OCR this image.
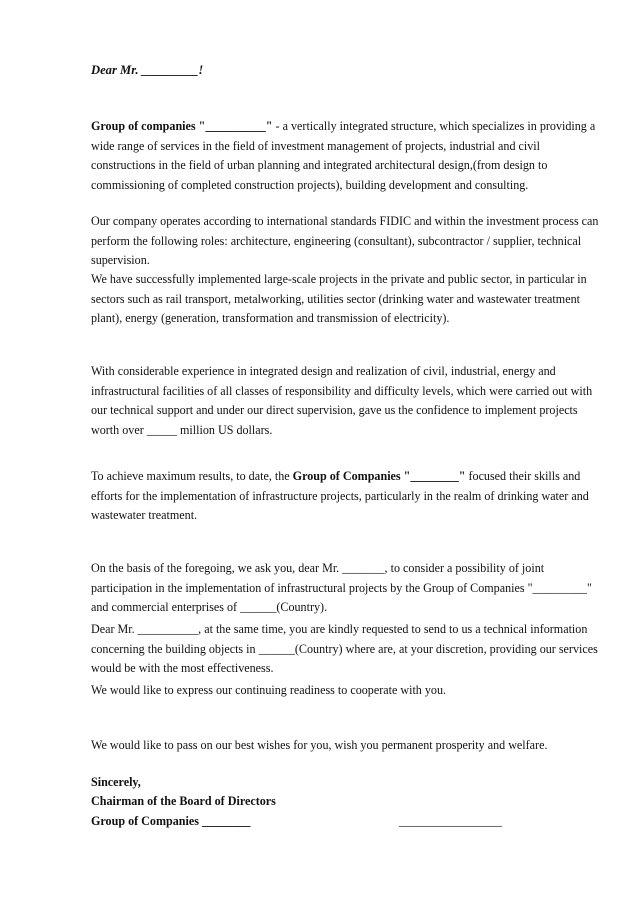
Dear Mr. _________!

Group of companies "__________" - a vertically integrated structure, which specializes in providing a wide range of services in the field of investment management of projects, industrial and civil constructions in the field of urban planning and integrated architectural design,(from design to commissioning of completed construction projects), building development and consulting.

Our company operates according to international standards FIDIC and within the investment process can perform the following roles: architecture, engineering (consultant), subcontractor / supplier, technical supervision.

We have successfully implemented large-scale projects in the private and public sector, in particular in sectors such as rail transport, metalworking, utilities sector (drinking water and wastewater treatment plant), energy (generation, transformation and transmission of electricity).

With considerable experience in integrated design and realization of civil, industrial, energy and infrastructural facilities of all classes of responsibility and difficulty levels, which were carried out with our technical support and under our direct supervision, gave us the confidence to implement projects worth over _____ million US dollars.

To achieve maximum results, to date, the Group of Companies "________" focused their skills and efforts for the implementation of infrastructure projects, particularly in the realm of drinking water and wastewater treatment.

On the basis of the foregoing, we ask you, dear Mr. _______, to consider a possibility of joint participation in the implementation of infrastructural projects by the Group of Companies "_________" and commercial enterprises of ______(Country).

Dear Mr. __________, at the same time, you are kindly requested to send to us a technical information concerning the building objects in ______(Country) where are, at your discretion, providing our services would be with the most effectiveness.

We would like to express our continuing readiness to cooperate with you.

We would like to pass on our best wishes for you, wish you permanent prosperity and welfare.

Sincerely,
Chairman of the Board of Directors
Group of Companies ________	_________________
